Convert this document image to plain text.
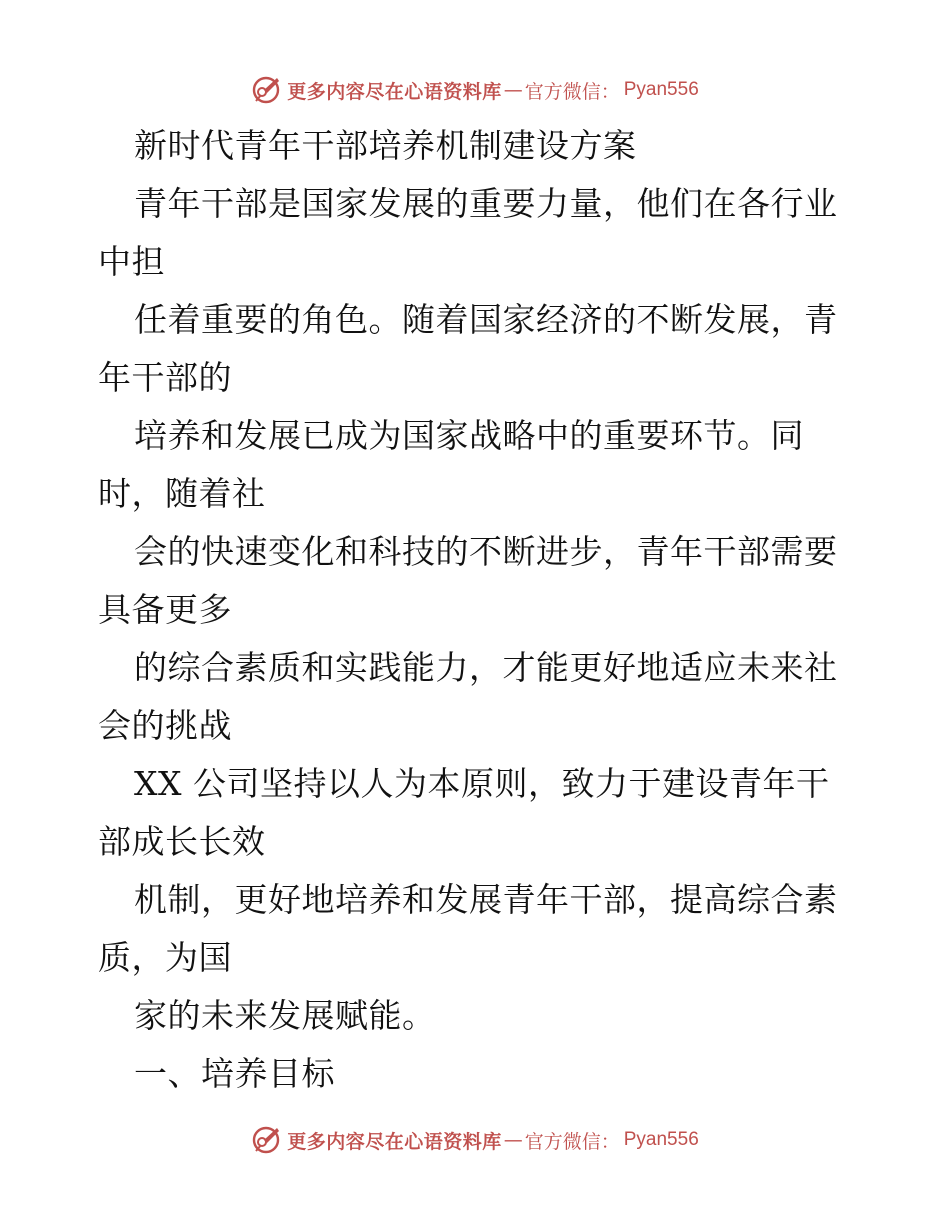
更多内容尽在心语资料库 — 官方微信： Pyan556
新时代青年干部培养机制建设方案
青年干部是国家发展的重要力量，他们在各行业
中担
任着重要的角色。随着国家经济的不断发展，青
年干部的
培养和发展已成为国家战略中的重要环节。同
时，随着社
会的快速变化和科技的不断进步，青年干部需要
具备更多
的综合素质和实践能力，才能更好地适应未来社
会的挑战
XX 公司坚持以人为本原则，致力于建设青年干
部成长长效
机制，更好地培养和发展青年干部，提高综合素
质，为国
家的未来发展赋能。
一、培养目标
更多内容尽在心语资料库 — 官方微信： Pyan556
